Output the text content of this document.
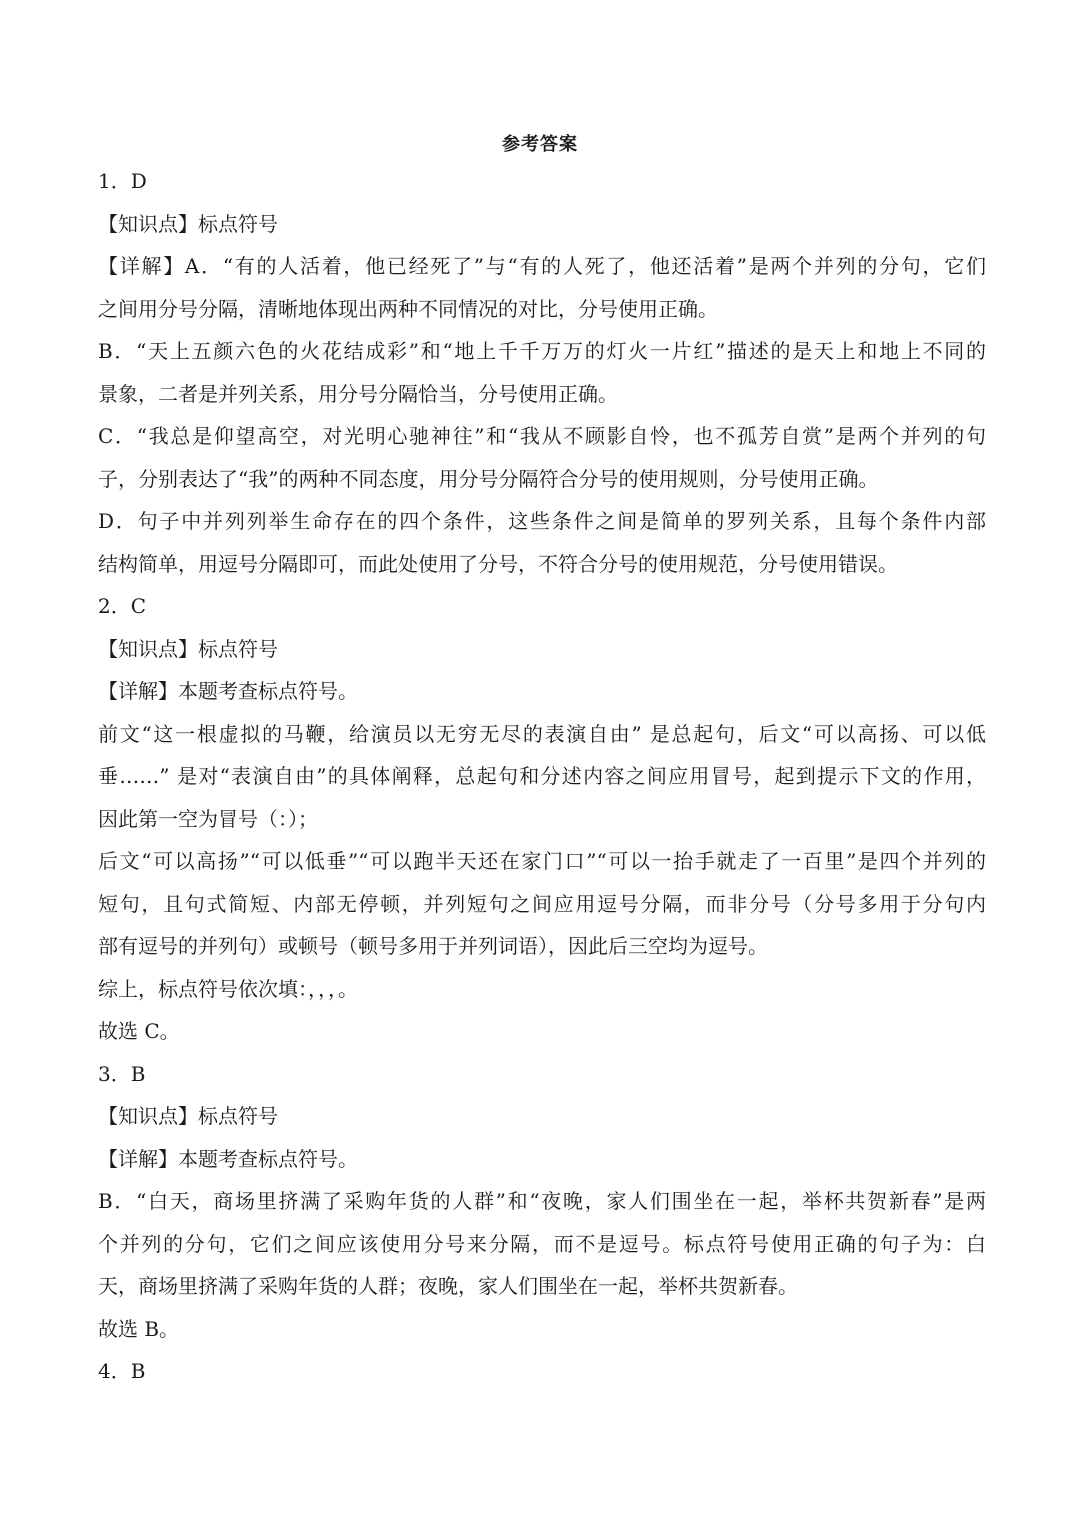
参考答案
1．D
【知识点】标点符号
【详解】A．“有的人活着，他已经死了”与“有的人死了，他还活着”是两个并列的分句，它们
之间用分号分隔，清晰地体现出两种不同情况的对比，分号使用正确。
B．“天上五颜六色的火花结成彩”和“地上千千万万的灯火一片红”描述的是天上和地上不同的
景象，二者是并列关系，用分号分隔恰当，分号使用正确。
C．“我总是仰望高空，对光明心驰神往”和“我从不顾影自怜，也不孤芳自赏”是两个并列的句
子，分别表达了“我”的两种不同态度，用分号分隔符合分号的使用规则，分号使用正确。
D．句子中并列列举生命存在的四个条件，这些条件之间是简单的罗列关系，且每个条件内部
结构简单，用逗号分隔即可，而此处使用了分号，不符合分号的使用规范，分号使用错误。
2．C
【知识点】标点符号
【详解】本题考查标点符号。
前文“这一根虚拟的马鞭，给演员以无穷无尽的表演自由” 是总起句，后文“可以高扬、可以低
垂……” 是对“表演自由”的具体阐释，总起句和分述内容之间应用冒号，起到提示下文的作用，
因此第一空为冒号（：）；
后文“可以高扬”“可以低垂”“可以跑半天还在家门口”“可以一抬手就走了一百里”是四个并列的
短句，且句式简短、内部无停顿，并列短句之间应用逗号分隔，而非分号（分号多用于分句内
部有逗号的并列句）或顿号（顿号多用于并列词语），因此后三空均为逗号。
综上，标点符号依次填：，，，。
故选 C。
3．B
【知识点】标点符号
【详解】本题考查标点符号。
B．“白天，商场里挤满了采购年货的人群”和“夜晚，家人们围坐在一起，举杯共贺新春”是两
个并列的分句，它们之间应该使用分号来分隔，而不是逗号。标点符号使用正确的句子为：白
天，商场里挤满了采购年货的人群；夜晚，家人们围坐在一起，举杯共贺新春。
故选 B。
4．B
